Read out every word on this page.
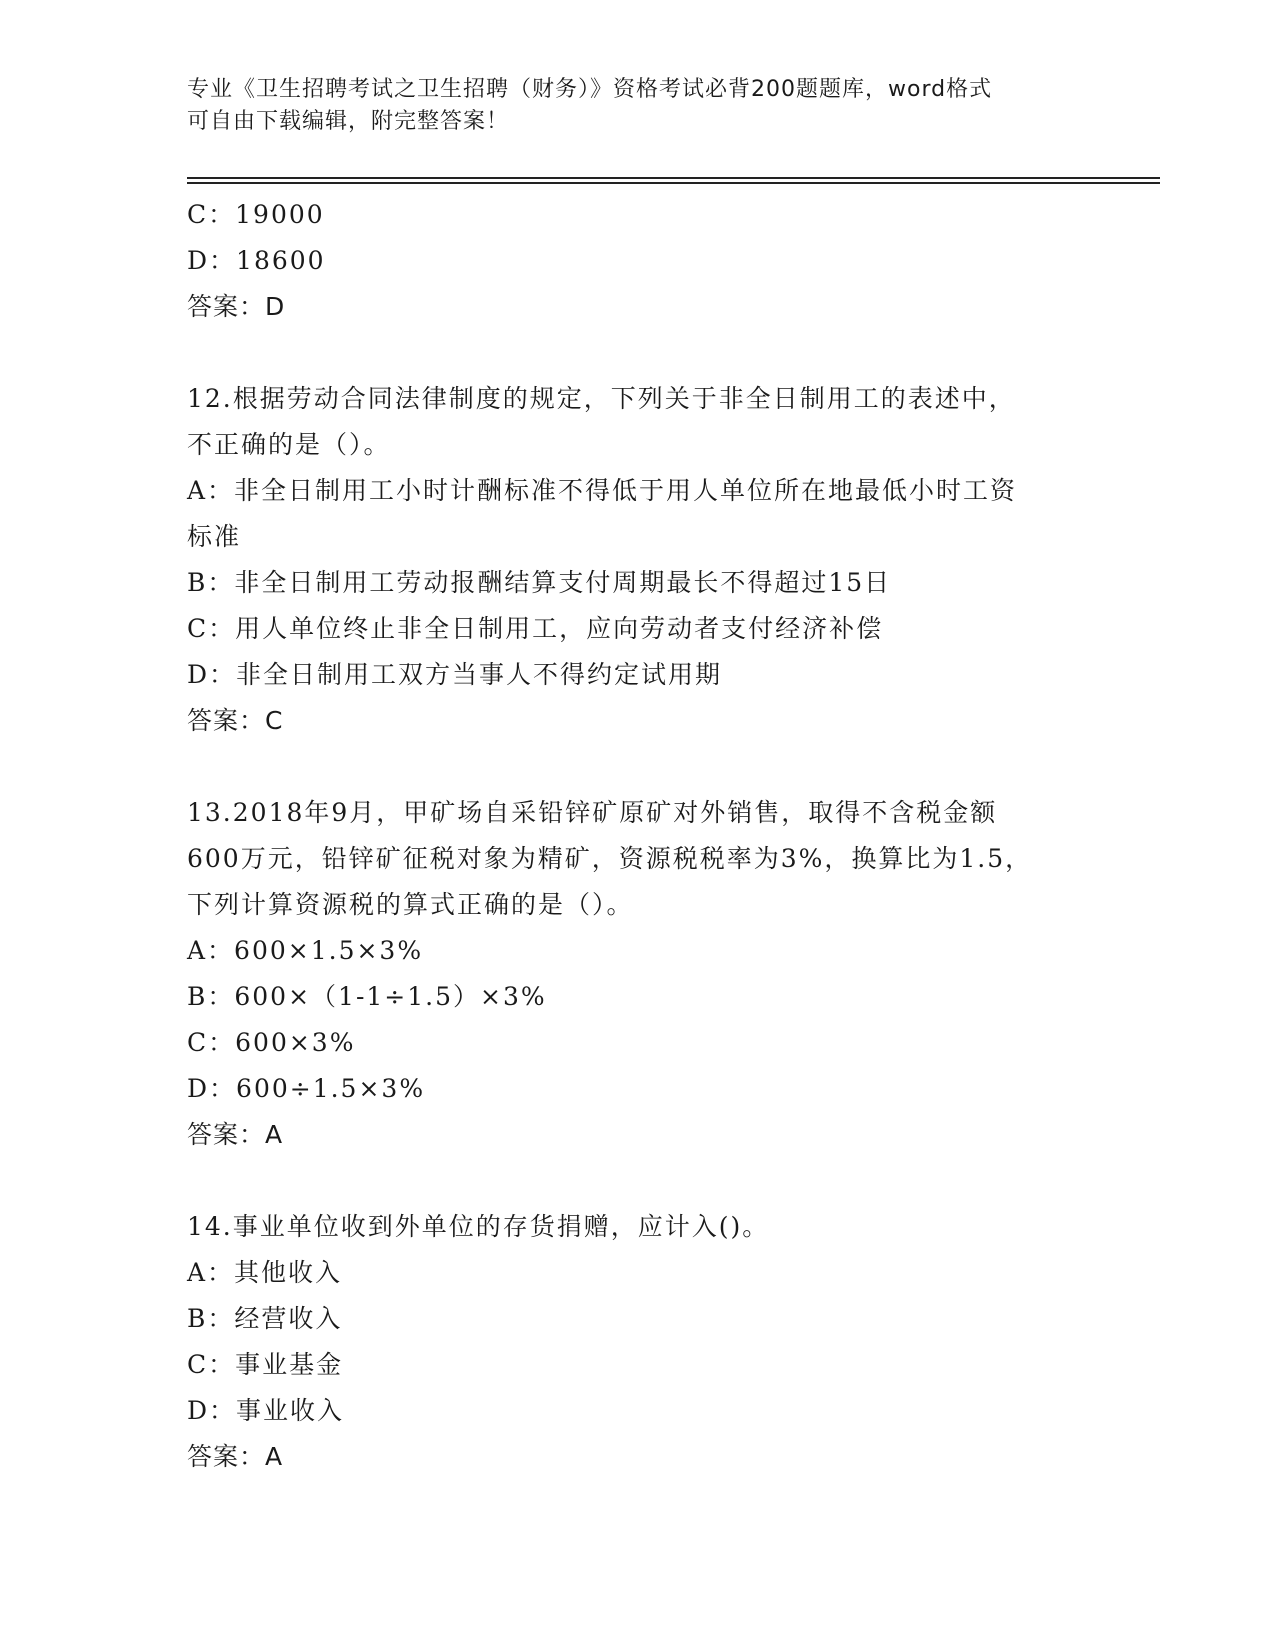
专业《卫生招聘考试之卫生招聘（财务）》资格考试必背200题题库，word格式
可自由下载编辑，附完整答案！
C：19000
D：18600
答案：D
12.根据劳动合同法律制度的规定，下列关于非全日制用工的表述中，
不正确的是（）。
A：非全日制用工小时计酬标准不得低于用人单位所在地最低小时工资
标准
B：非全日制用工劳动报酬结算支付周期最长不得超过15日
C：用人单位终止非全日制用工，应向劳动者支付经济补偿
D：非全日制用工双方当事人不得约定试用期
答案：C
13.2018年9月，甲矿场自采铅锌矿原矿对外销售，取得不含税金额
600万元，铅锌矿征税对象为精矿，资源税税率为3%，换算比为1.5，
下列计算资源税的算式正确的是（）。
A：600×1.5×3%
B：600×（1-1÷1.5）×3%
C：600×3%
D：600÷1.5×3%
答案：A
14.事业单位收到外单位的存货捐赠，应计入()。
A：其他收入
B：经营收入
C：事业基金
D：事业收入
答案：A
